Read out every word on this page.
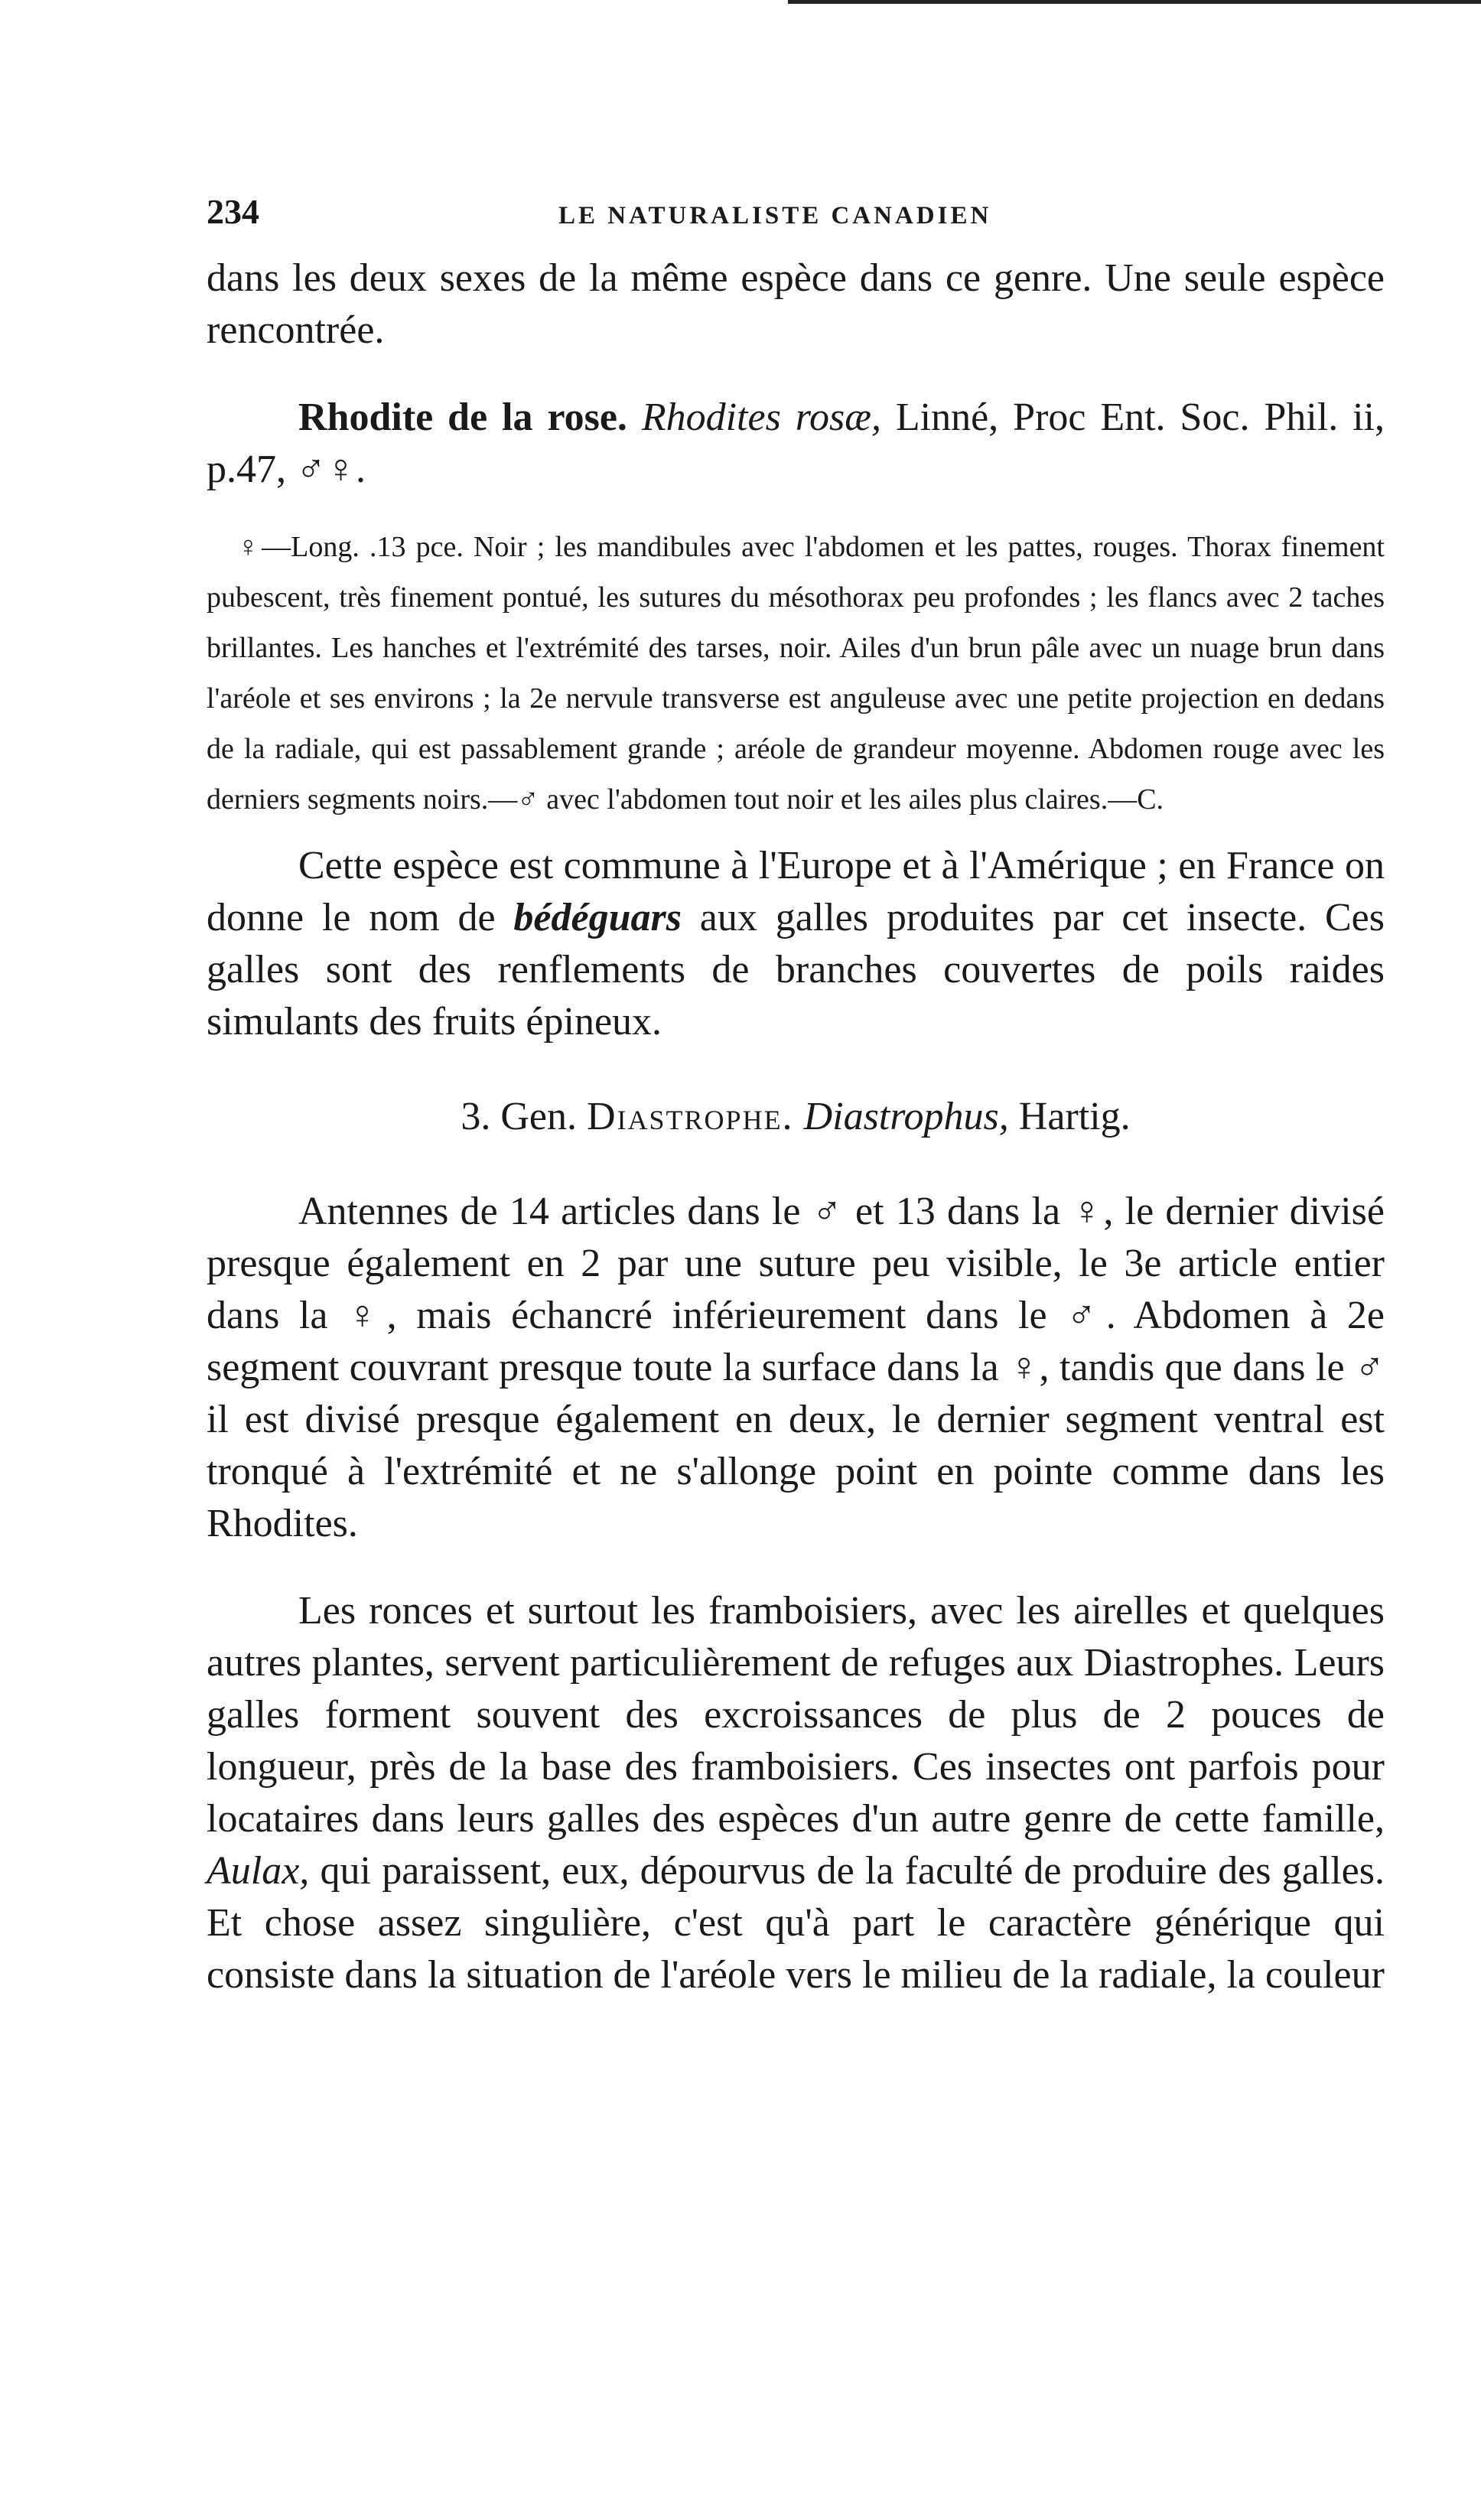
234	LE NATURALISTE CANADIEN

dans les deux sexes de la même espèce dans ce genre. Une seule espèce rencontrée.

Rhodite de la rose. Rhodites rosæ, Linné, Proc Ent. Soc. Phil. ii, p.47, ♂♀.

♀—Long. .13 pce. Noir ; les mandibules avec l'abdomen et les pattes, rouges. Thorax finement pubescent, très finement pontué, les sutures du mésothorax peu profondes ; les flancs avec 2 taches brillantes. Les hanches et l'extrémité des tarses, noir. Ailes d'un brun pâle avec un nuage brun dans l'aréole et ses environs ; la 2e nervule transverse est anguleuse avec une petite projection en dedans de la radiale, qui est passablement grande ; aréole de grandeur moyenne. Abdomen rouge avec les derniers segments noirs.—♂ avec l'abdomen tout noir et les ailes plus claires.—C.

Cette espèce est commune à l'Europe et à l'Amérique ; en France on donne le nom de bédéguars aux galles produites par cet insecte. Ces galles sont des renflements de branches couvertes de poils raides simulants des fruits épineux.

3. Gen. Diastrophe. Diastrophus, Hartig.

Antennes de 14 articles dans le ♂ et 13 dans la ♀, le dernier divisé presque également en 2 par une suture peu visible, le 3e article entier dans la ♀, mais échancré inférieurement dans le ♂. Abdomen à 2e segment couvrant presque toute la surface dans la ♀, tandis que dans le ♂ il est divisé presque également en deux, le dernier segment ventral est tronqué à l'extrémité et ne s'allonge point en pointe comme dans les Rhodites.

Les ronces et surtout les framboisiers, avec les airelles et quelques autres plantes, servent particulièrement de refuges aux Diastrophes. Leurs galles forment souvent des excroissances de plus de 2 pouces de longueur, près de la base des framboisiers. Ces insectes ont parfois pour locataires dans leurs galles des espèces d'un autre genre de cette famille, Aulax, qui paraissent, eux, dépourvus de la faculté de produire des galles. Et chose assez singulière, c'est qu'à part le caractère générique qui consiste dans la situation de l'aréole vers le milieu de la radiale, la couleur
